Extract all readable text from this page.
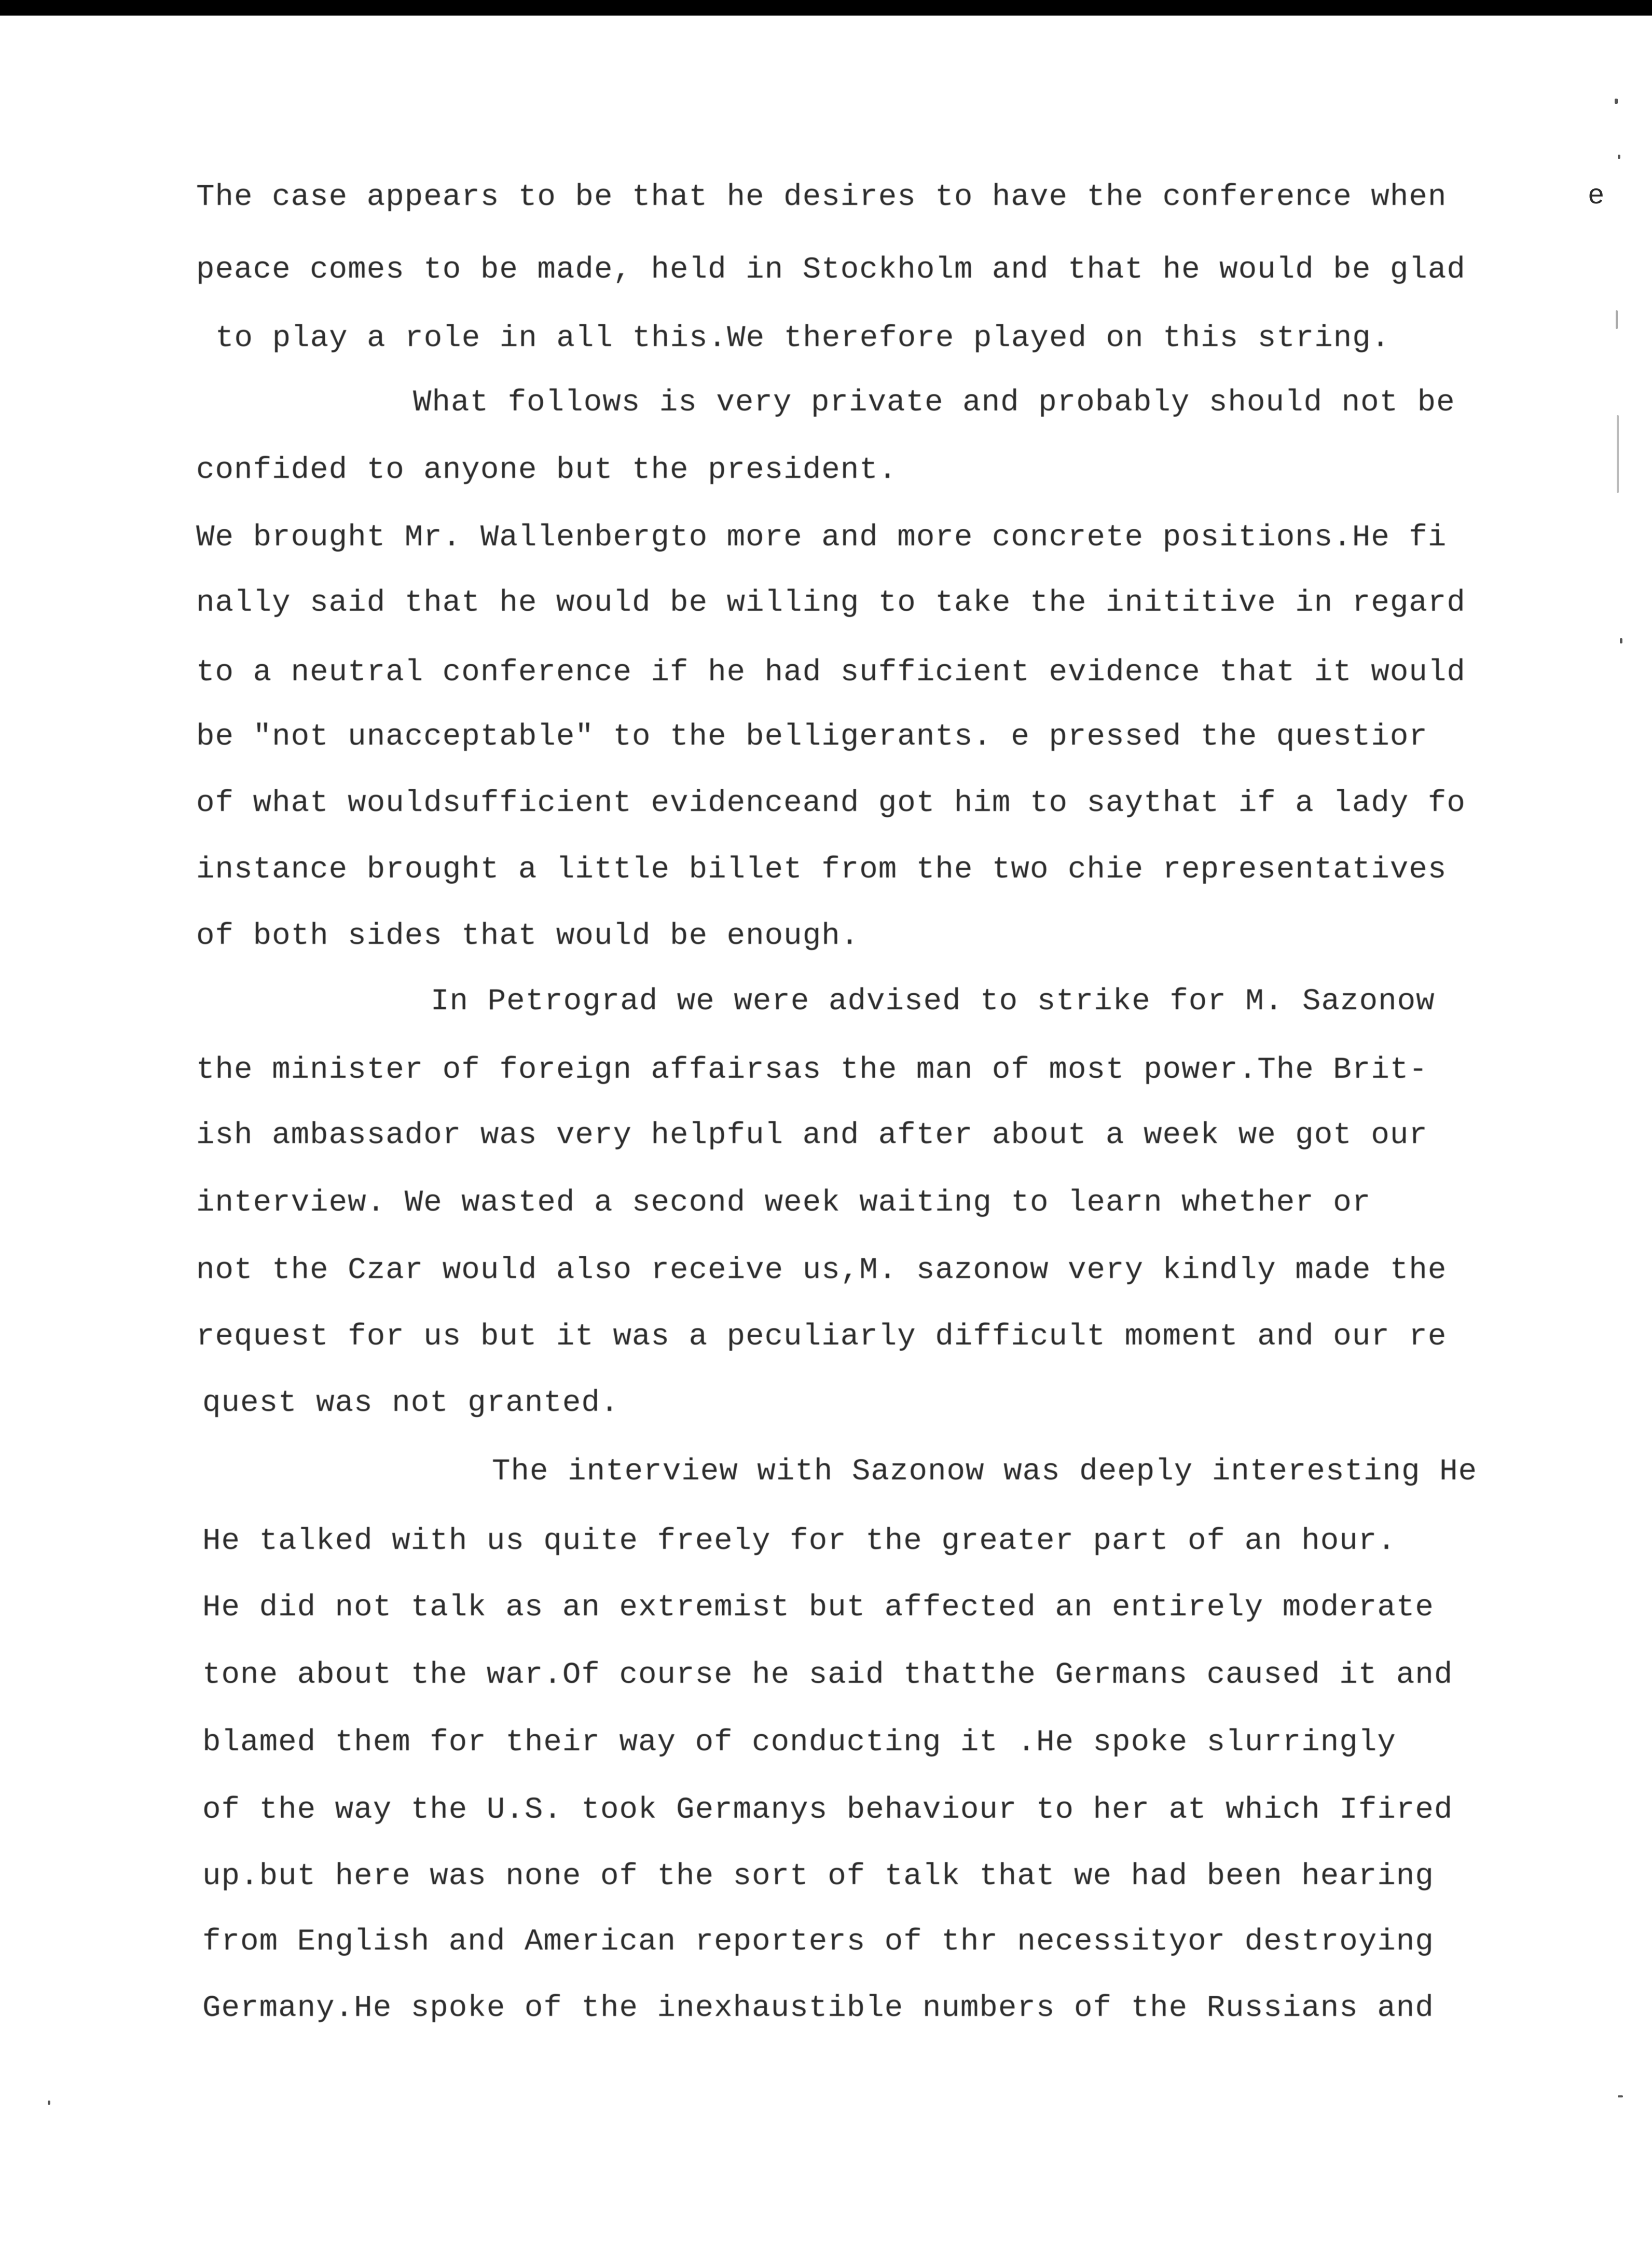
The case appears to be that he desires to have the conference when
peace comes to be made, held in Stockholm and that he would be glad
to play a role in all this.We therefore played on this string.
What follows is very private and probably should not be
confided to anyone but the president.
We brought Mr. Wallenbergto more and more concrete positions.He fi
nally said that he would be willing to take the inititive in regard
to a neutral conference if he had sufficient evidence that it would
be "not unacceptable" to the belligerants. e pressed the questior
of what wouldsufficient evidenceand got him to saythat if a lady fo
instance brought a little billet from the two chie representatives
of both sides that would be enough.
In Petrograd we were advised to strike for M. Sazonow
the minister of foreign affairsas the man of most power.The Brit-
ish ambassador was very helpful and after about a week we got our
interview. We wasted a second week waiting to learn whether or
not the Czar would also receive us,M. sazonow very kindly made the
request for us but it was a peculiarly difficult moment and our re
quest was not granted.
The interview with Sazonow was deeply interesting He
He talked with us quite freely for the greater part of an hour.
He did not talk as an extremist but affected an entirely moderate
tone about the war.Of course he said thatthe Germans caused it and
blamed them for their way of conducting it .He spoke slurringly
of the way the U.S. took Germanys behaviour to her at which Ifired
up.but here was none of the sort of talk that we had been hearing
from English and American reporters of thr necessityor destroying
Germany.He spoke of the inexhaustible numbers of the Russians and
e
